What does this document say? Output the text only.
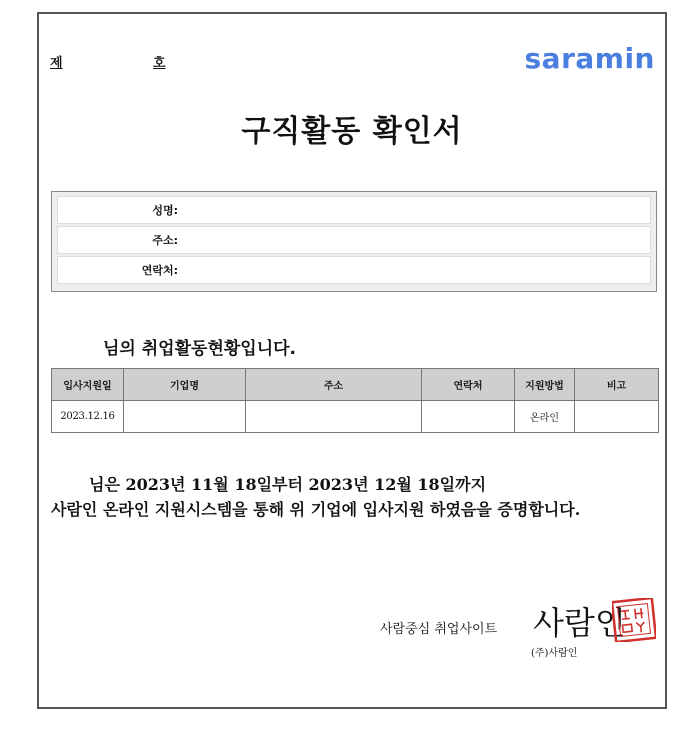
제	호	saramin
구직활동 확인서
성명:
주소:
연락처:
님의 취업활동현황입니다.
입사지원일	기업명	주소	연락처	지원방법	비고
2023.12.16				온라인	
님은 2023년 11월 18일부터 2023년 12월 18일까지
사람인 온라인 지원시스템을 통해 위 기업에 입사지원 하였음을 증명합니다.
사람중심 취업사이트 사람인
(주)사람인
